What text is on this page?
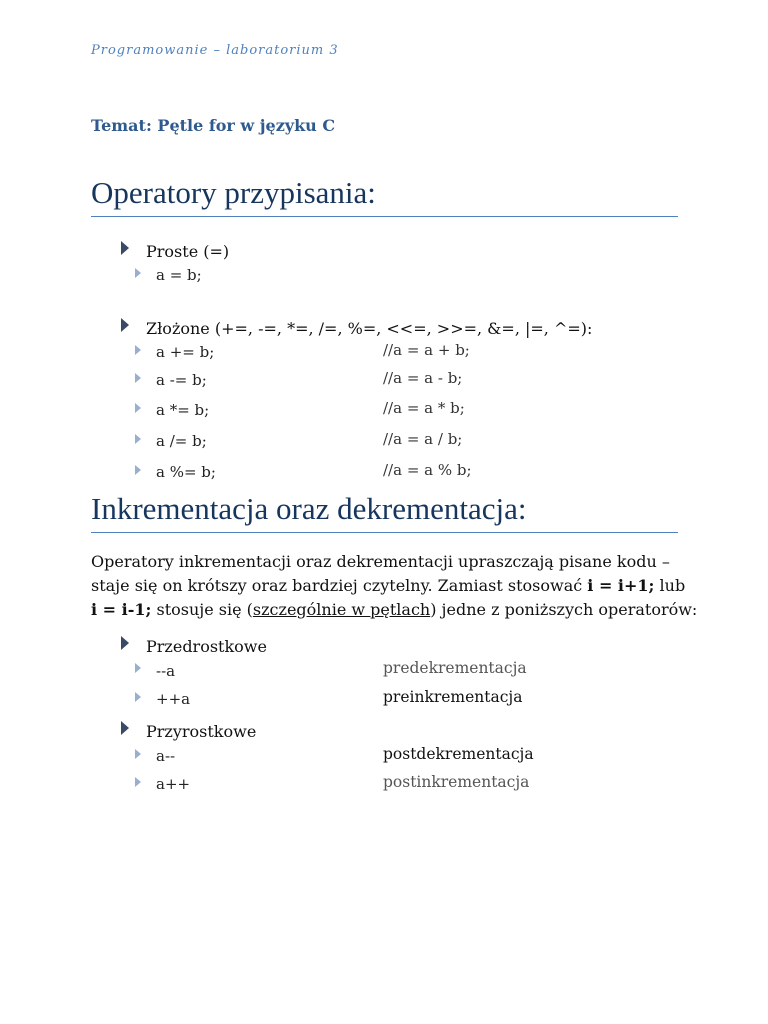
Programowanie – laboratorium 3
Temat: Pętle for w języku C
Operatory przypisania:
Proste (=)
a = b;
Złożone (+=, -=, *=, /=, %=, <<=, >>=, &=, |=, ^=):
a += b;	//a = a + b;
a -= b;	//a = a - b;
a *= b;	//a = a * b;
a /= b;	//a = a / b;
a %= b;	//a = a % b;
Inkrementacja oraz dekrementacja:
Operatory inkrementacji oraz dekrementacji upraszczają pisane kodu –
staje się on krótszy oraz bardziej czytelny. Zamiast stosować i = i+1; lub
i = i-1; stosuje się (szczególnie w pętlach) jedne z poniższych operatorów:
Przedrostkowe
--a	predekrementacja
++a	preinkrementacja
Przyrostkowe
a--	postdekrementacja
a++	postinkrementacja
